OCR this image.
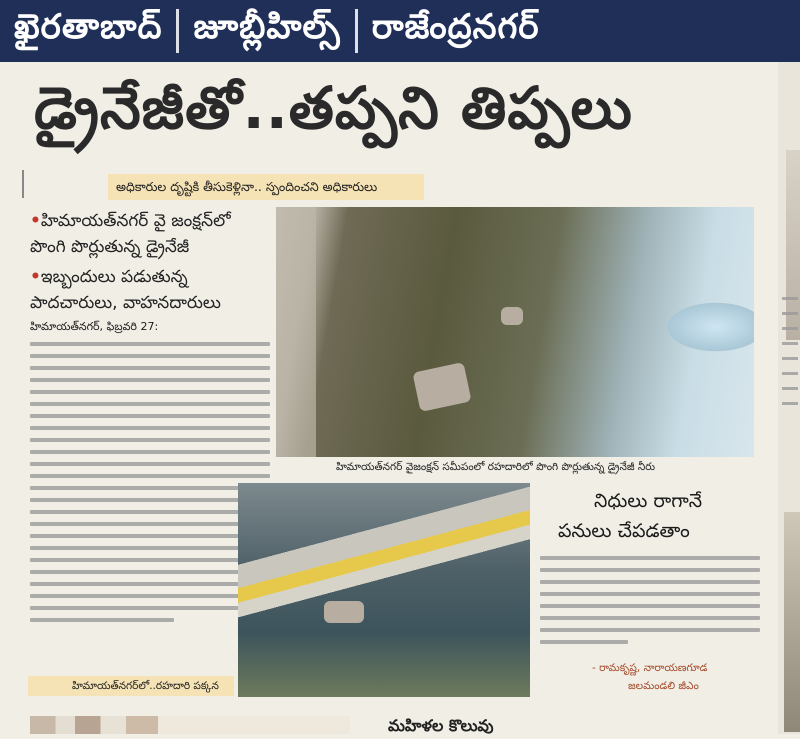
ఖైరతాబాద్ జూబ్లీహిల్స్ రాజేంద్రనగర్
డ్రైనేజీతో..తప్పని తిప్పలు
అధికారుల దృష్టికి తీసుకెళ్లినా.. స్పందించని అధికారులు
•హిమాయత్‌నగర్ వై జంక్షన్‌లో పొంగి పొర్లుతున్న డ్రైనేజీ
•ఇబ్బందులు పడుతున్న పాదచారులు, వాహనదారులు
హిమాయత్‌నగర్, ఫిబ్రవరి 27:
హిమాయత్‌నగర్ వైజంక్షన్ సమీపంలో రహదారిలో పొంగి పొర్లుతున్న డ్రైనేజీ నీరు
హిమాయత్‌నగర్‌లో..రహదారి పక్కన
నిధులు రాగానే
పనులు చేపడతాం
- రామకృష్ణ, నారాయణగూడ
జలమండలి జీఎం
మహిళల కొలువు
